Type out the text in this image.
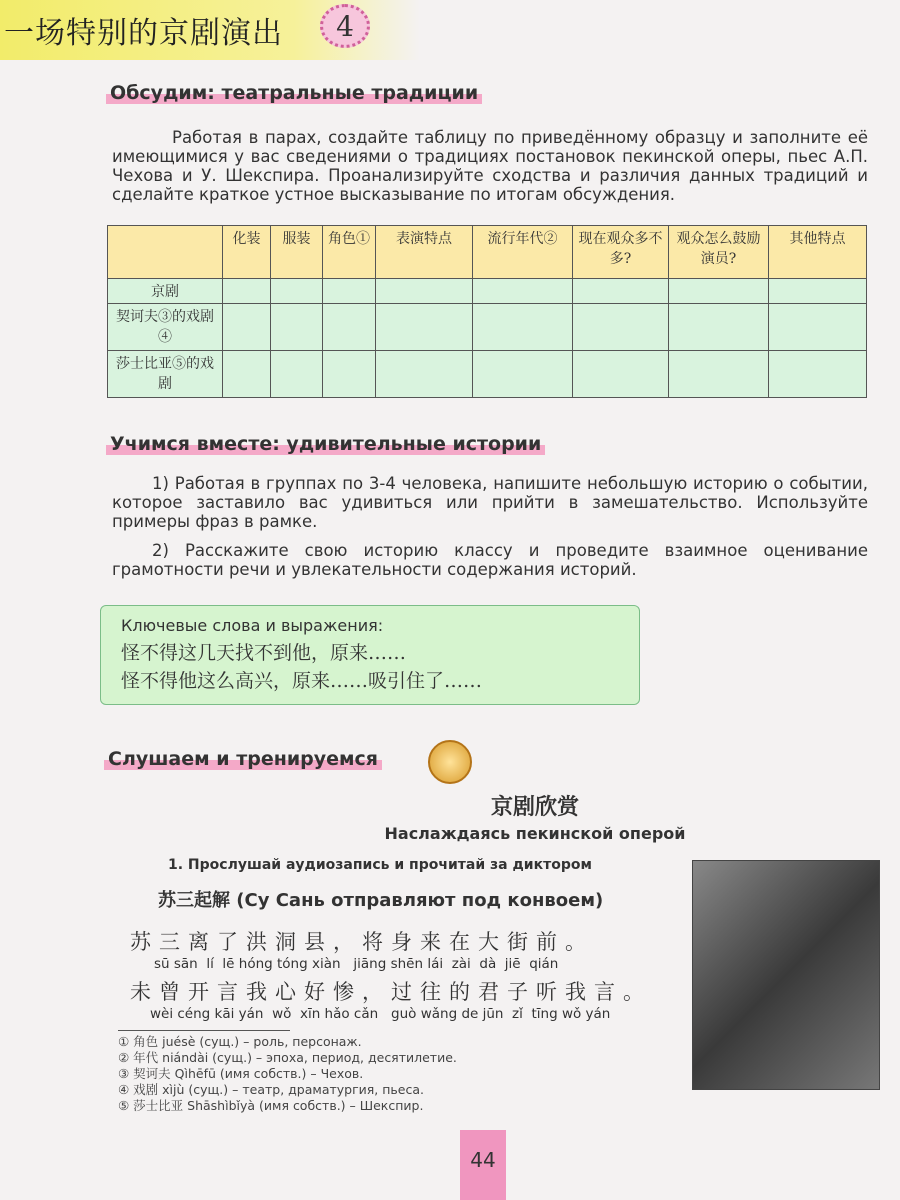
一场特别的京剧演出	4
Обсудим: театральные традиции
Работая в парах, создайте таблицу по приведённому образцу и заполните её имеющимися у вас сведениями о традициях постановок пекинской оперы, пьес А.П. Чехова и У. Шекспира. Проанализируйте сходства и различия данных традиций и сделайте краткое устное высказывание по итогам обсуждения.
	化装	服装	角色①	表演特点	流行年代②	现在观众多不多?	观众怎么鼓励演员?	其他特点
京剧								
契诃夫③的戏剧④								
莎士比亚⑤的戏剧								
Учимся вместе: удивительные истории
1) Работая в группах по 3-4 человека, напишите небольшую историю о событии, которое заставило вас удивиться или прийти в замешательство. Используйте примеры фраз в рамке.
2) Расскажите свою историю классу и проведите взаимное оценивание грамотности речи и увлекательности содержания историй.
Ключевые слова и выражения:
怪不得这几天找不到他，原来……
怪不得他这么高兴，原来……吸引住了……
Слушаем и тренируемся
京剧欣赏
Наслаждаясь пекинской оперой
1. Прослушай аудиозапись и прочитай за диктором
苏三起解 (Су Сань отправляют под конвоем)
苏三离了洪洞县，将身来在大街前。
sū sān  lí  lē hóng tóng xiàn   jiāng shēn lái  zài  dà  jiē  qián
未曾开言我心好惨，过往的君子听我言。
wèi céng kāi yán  wǒ  xīn hǎo cǎn   guò wǎng de jūn  zǐ  tīng wǒ yán
① 角色 juésè (сущ.) – роль, персонаж.
② 年代 niándài (сущ.) – эпоха, период, десятилетие.
③ 契诃夫 Qìhēfū (имя собств.) – Чехов.
④ 戏剧 xìjù (сущ.) – театр, драматургия, пьеса.
⑤ 莎士比亚 Shāshìbǐyà (имя собств.) – Шекспир.
44
